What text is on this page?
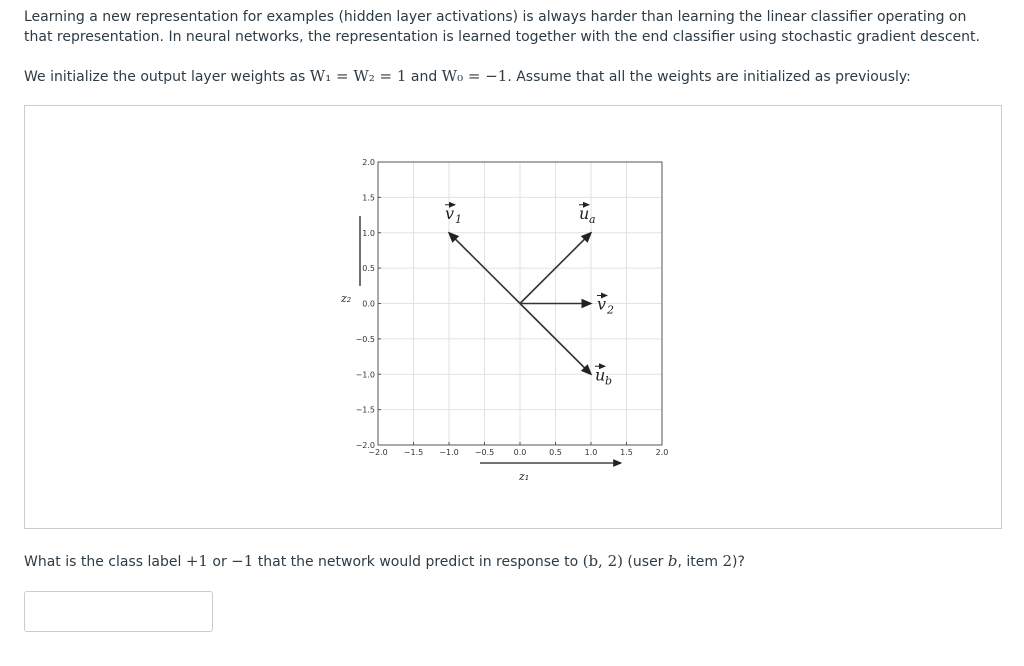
Learning a new representation for examples (hidden layer activations) is always harder than learning the linear classifier operating on that representation. In neural networks, the representation is learned together with the end classifier using stochastic gradient descent.
We initialize the output layer weights as W₁ = W₂ = 1 and W₀ = −1. Assume that all the weights are initialized as previously:
−2.0 −1.5 −1.0 −0.5 0.0	0.5	1.0	1.5	2.0
2.0
1.5
1.0
0.5
0.0
−0.5
−1.0
−1.5
−2.0
z₂
z₁
v 1	u a
v 2
u b
What is the class label +1 or −1 that the network would predict in response to (b, 2) (user b, item 2)?
